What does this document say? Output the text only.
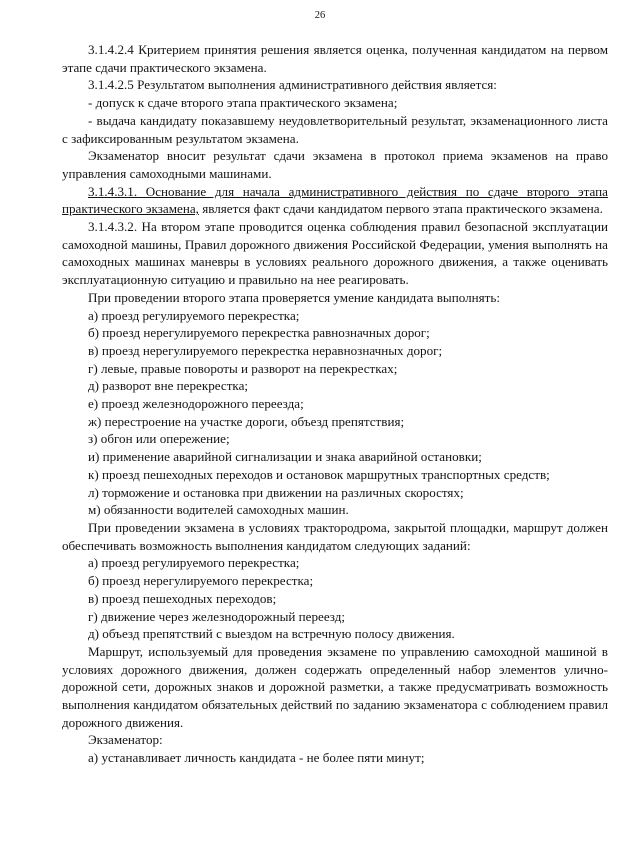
26

3.1.4.2.4 Критерием принятия решения является оценка, полученная кандидатом на первом этапе сдачи практического экзамена.

3.1.4.2.5 Результатом выполнения административного действия является:

- допуск к сдаче второго этапа практического экзамена;

- выдача кандидату показавшему неудовлетворительный результат, экзаменационного листа с зафиксированным результатом экзамена.

Экзаменатор вносит результат сдачи экзамена в протокол приема экзаменов на право управления самоходными машинами.

3.1.4.3.1. Основание для начала административного действия по сдаче второго этапа практического экзамена, является факт сдачи кандидатом первого этапа практического экзамена.

3.1.4.3.2. На втором этапе проводится оценка соблюдения правил безопасной эксплуатации самоходной машины, Правил дорожного движения Российской Федерации, умения выполнять на самоходных машинах маневры в условиях реального дорожного движения, а также оценивать эксплуатационную ситуацию и правильно на нее реагировать.

При проведении второго этапа проверяется умение кандидата выполнять:

а) проезд регулируемого перекрестка;

б) проезд нерегулируемого перекрестка равнозначных дорог;

в) проезд нерегулируемого перекрестка неравнозначных дорог;

г) левые, правые повороты и разворот на перекрестках;

д) разворот вне перекрестка;

е) проезд железнодорожного переезда;

ж) перестроение на участке дороги, объезд препятствия;

з) обгон или опережение;

и) применение аварийной сигнализации и знака аварийной остановки;

к) проезд пешеходных переходов и остановок маршрутных транспортных средств;

л) торможение и остановка при движении на различных скоростях;

м) обязанности водителей самоходных машин.

При проведении экзамена в условиях трактородрома, закрытой площадки, маршрут должен обеспечивать возможность выполнения кандидатом следующих заданий:

а) проезд регулируемого перекрестка;

б) проезд нерегулируемого перекрестка;

в) проезд пешеходных переходов;

г) движение через железнодорожный переезд;

д) объезд препятствий с выездом на встречную полосу движения.

Маршрут, используемый для проведения экзамене по управлению самоходной машиной в условиях дорожного движения, должен содержать определенный набор элементов улично-дорожной сети, дорожных знаков и дорожной разметки, а также предусматривать возможность выполнения кандидатом обязательных действий по заданию экзаменатора с соблюдением правил дорожного движения.

Экзаменатор:

а) устанавливает личность кандидата - не более пяти минут;
